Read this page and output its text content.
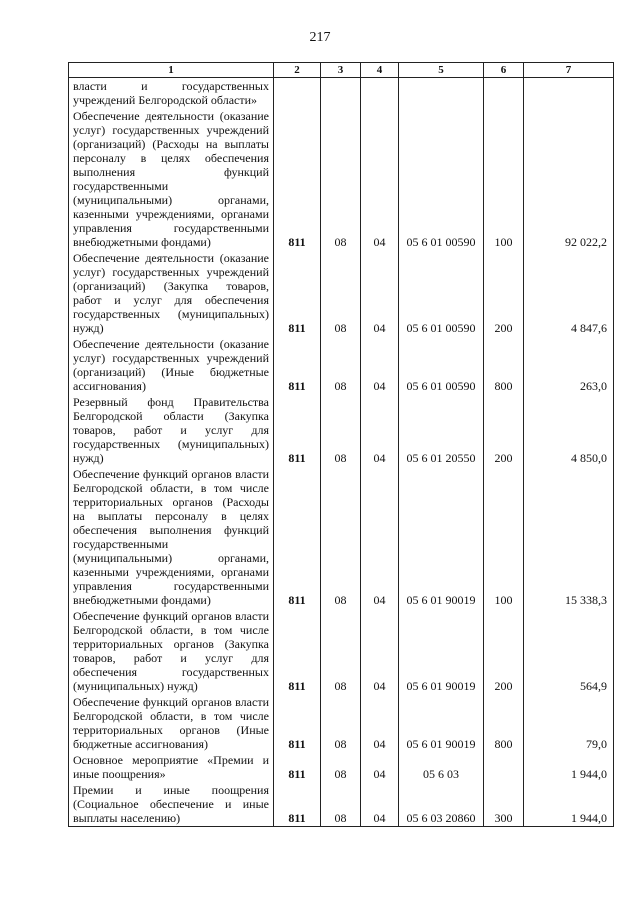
217
1	2	3	4	5	6	7
власти и государственных учреждений Белгородской области»						
Обеспечение деятельности (оказание услуг) государственных учреждений (организаций) (Расходы на выплаты персоналу в целях обеспечения выполнения функций государственными (муниципальными) органами, казенными учреждениями, органами управления государственными внебюджетными фондами)	811	08	04	05 6 01 00590	100	92 022,2
Обеспечение деятельности (оказание услуг) государственных учреждений (организаций) (Закупка товаров, работ и услуг для обеспечения государственных (муниципальных) нужд)	811	08	04	05 6 01 00590	200	4 847,6
Обеспечение деятельности (оказание услуг) государственных учреждений (организаций) (Иные бюджетные ассигнования)	811	08	04	05 6 01 00590	800	263,0
Резервный фонд Правительства Белгородской области (Закупка товаров, работ и услуг для государственных (муниципальных) нужд)	811	08	04	05 6 01 20550	200	4 850,0
Обеспечение функций органов власти Белгородской области, в том числе территориальных органов (Расходы на выплаты персоналу в целях обеспечения выполнения функций государственными (муниципальными) органами, казенными учреждениями, органами управления государственными внебюджетными фондами)	811	08	04	05 6 01 90019	100	15 338,3
Обеспечение функций органов власти Белгородской области, в том числе территориальных органов (Закупка товаров, работ и услуг для обеспечения государственных (муниципальных) нужд)	811	08	04	05 6 01 90019	200	564,9
Обеспечение функций органов власти Белгородской области, в том числе территориальных органов (Иные бюджетные ассигнования)	811	08	04	05 6 01 90019	800	79,0
Основное мероприятие «Премии и иные поощрения»	811	08	04	05 6 03		1 944,0
Премии и иные поощрения (Социальное обеспечение и иные выплаты населению)	811	08	04	05 6 03 20860	300	1 944,0
